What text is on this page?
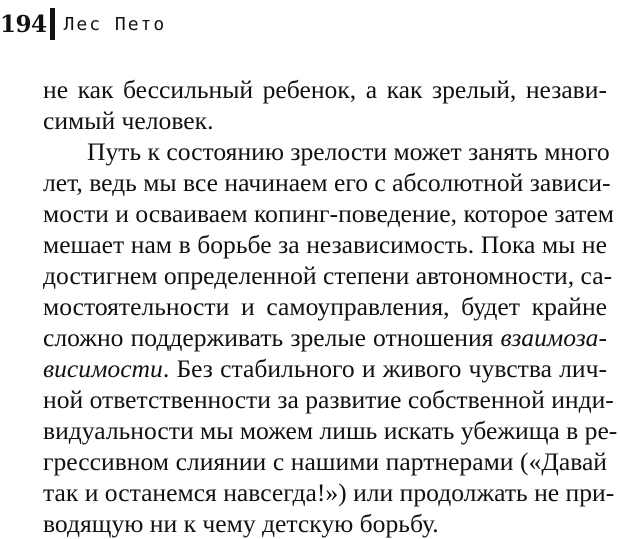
194 Лес Пето
не как бессильный ребенок, а как зрелый, незави-
симый человек.
Путь к состоянию зрелости может занять много
лет, ведь мы все начинаем его с абсолютной зависи-
мости и осваиваем копинг-поведение, которое затем
мешает нам в борьбе за независимость. Пока мы не
достигнем определенной степени автономности, са-
мостоятельности и самоуправления, будет крайне
сложно поддерживать зрелые отношения взаимоза-
висимости. Без стабильного и живого чувства лич-
ной ответственности за развитие собственной инди-
видуальности мы можем лишь искать убежища в ре-
грессивном слиянии с нашими партнерами («Давай
так и останемся навсегда!») или продолжать не при-
водящую ни к чему детскую борьбу.
